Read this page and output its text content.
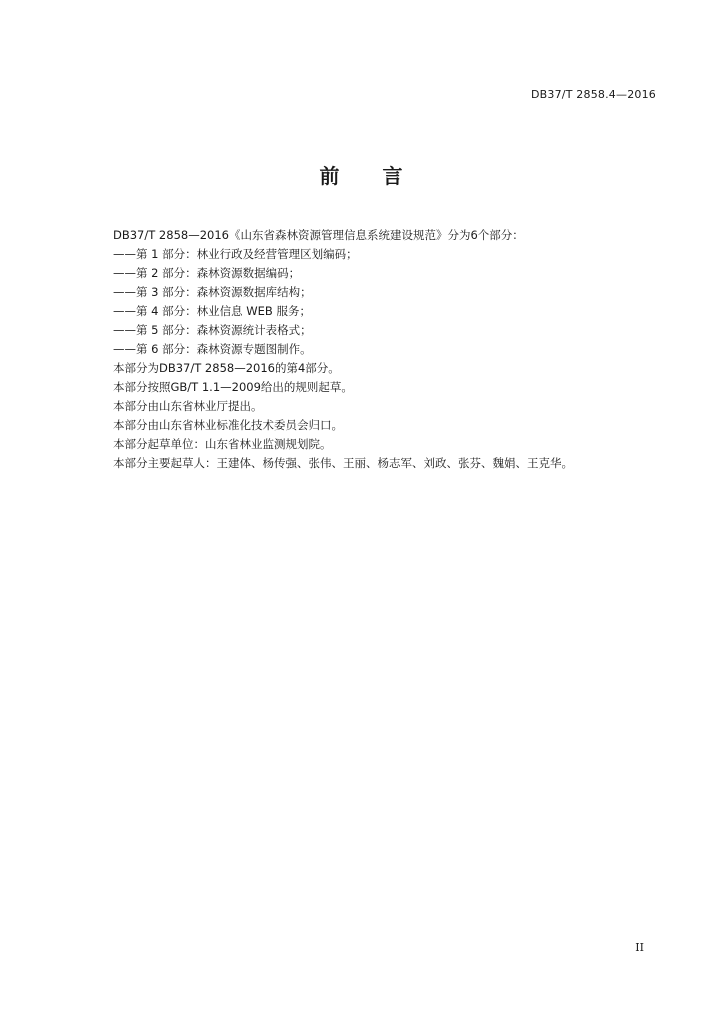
DB37/T 2858.4—2016
前 言
DB37/T 2858—2016《山东省森林资源管理信息系统建设规范》分为6个部分：
——第 1 部分：林业行政及经营管理区划编码；
——第 2 部分：森林资源数据编码；
——第 3 部分：森林资源数据库结构；
——第 4 部分：林业信息 WEB 服务；
——第 5 部分：森林资源统计表格式；
——第 6 部分：森林资源专题图制作。
本部分为DB37/T 2858—2016的第4部分。
本部分按照GB/T 1.1—2009给出的规则起草。
本部分由山东省林业厅提出。
本部分由山东省林业标准化技术委员会归口。
本部分起草单位：山东省林业监测规划院。
本部分主要起草人：王建体、杨传强、张伟、王丽、杨志军、刘政、张芬、魏娟、王克华。
II
